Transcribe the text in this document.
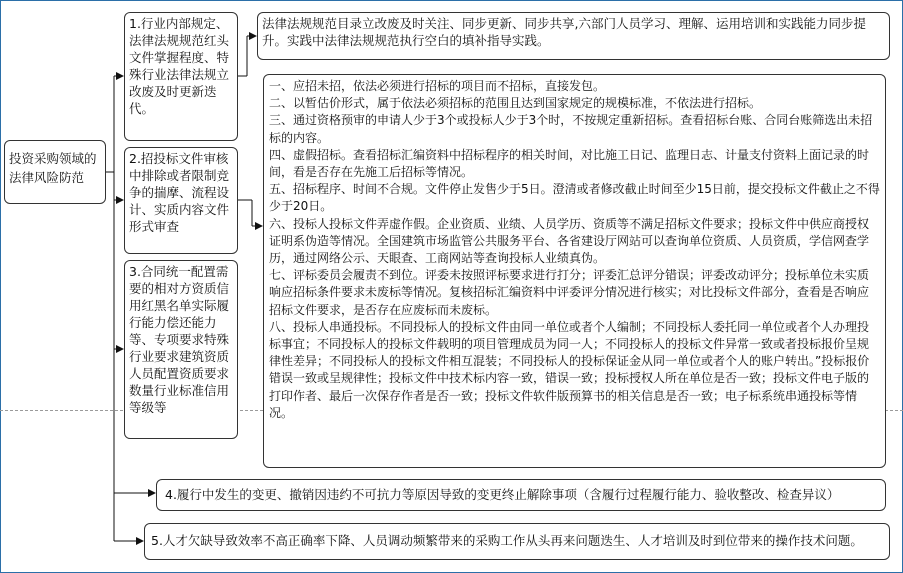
投资采购领域的法律风险防范
1.行业内部规定、法律法规规范红头文件掌握程度、特殊行业法律法规立改废及时更新迭代。
2.招投标文件审核中排除或者限制竞争的揣摩、流程设计、实质内容文件形式审查
3.合同统一配置需要的相对方资质信用红黑名单实际履行能力偿还能力等、专项要求特殊行业要求建筑资质人员配置资质要求数量行业标准信用等级等
法律法规规范目录立改废及时关注、同步更新、同步共享,六部门人员学习、理解、运用培训和实践能力同步提升。实践中法律法规规范执行空白的填补指导实践。

一、应招未招，依法必须进行招标的项目而不招标，直接发包。

二、以暂估价形式，属于依法必须招标的范围且达到国家规定的规模标准，不依法进行招标。

三、通过资格预审的申请人少于3个或投标人少于3个时，不按规定重新招标。查看招标台账、合同台账筛选出未招标的内容。

四、虚假招标。查看招标汇编资料中招标程序的相关时间，对比施工日记、监理日志、计量支付资料上面记录的时间，看是否存在先施工后招标等情况。

五、招标程序、时间不合规。文件停止发售少于5日。澄清或者修改截止时间至少15日前，提交投标文件截止之不得少于20日。

六、投标人投标文件弄虚作假。企业资质、业绩、人员学历、资质等不满足招标文件要求；投标文件中供应商授权证明系伪造等情况。全国建筑市场监管公共服务平台、各省建设厅网站可以查询单位资质、人员资质，学信网查学历，通过网络公示、天眼查、工商网站等查询投标人业绩真伪。

七、评标委员会履责不到位。评委未按照评标要求进行打分；评委汇总评分错误；评委改动评分；投标单位未实质响应招标条件要求未废标等情况。复核招标汇编资料中评委评分情况进行核实；对比投标文件部分，查看是否响应招标文件要求，是否存在应废标而未废标。

八、投标人串通投标。不同投标人的投标文件由同一单位或者个人编制；不同投标人委托同一单位或者个人办理投标事宜；不同投标人的投标文件载明的项目管理成员为同一人；不同投标人的投标文件异常一致或者投标报价呈规律性差异；不同投标人的投标文件相互混装；不同投标人的投标保证金从同一单位或者个人的账户转出。”投标报价错误一致或呈规律性；投标文件中技术标内容一致，错误一致；投标授权人所在单位是否一致；投标文件电子版的打印作者、最后一次保存作者是否一致；投标文件软件版预算书的相关信息是否一致；电子标系统串通投标等情况。

4.履行中发生的变更、撤销因违约不可抗力等原因导致的变更终止解除事项（含履行过程履行能力、验收整改、检查异议）
5.人才欠缺导致效率不高正确率下降、人员调动频繁带来的采购工作从头再来问题迭生、人才培训及时到位带来的操作技术问题。
